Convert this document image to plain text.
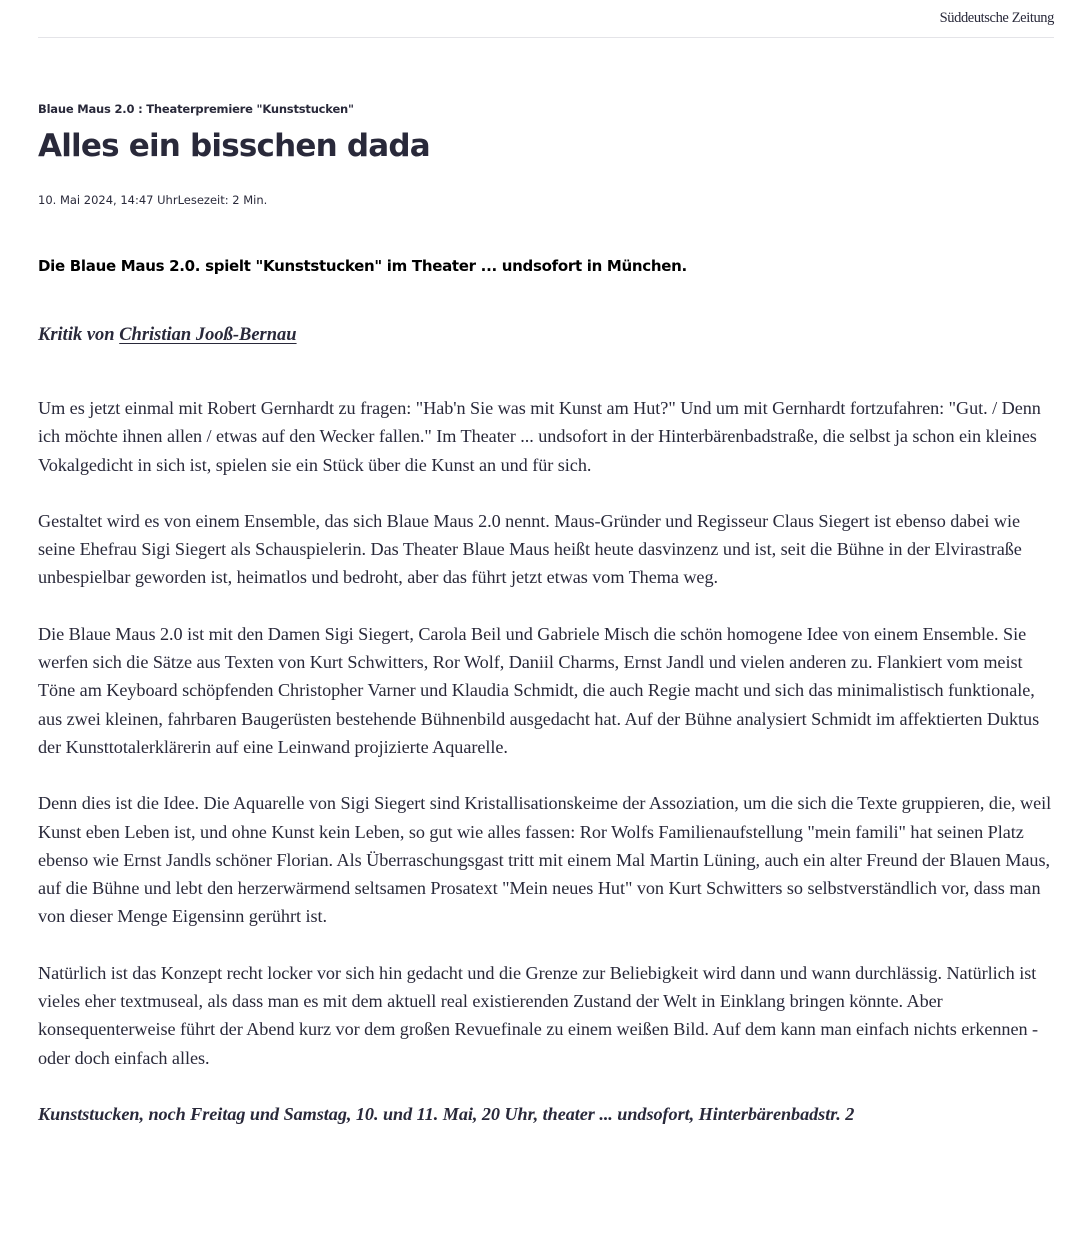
Süddeutsche Zeitung
Blaue Maus 2.0 : Theaterpremiere "Kunststucken"
Alles ein bisschen dada
10. Mai 2024, 14:47 UhrLesezeit: 2 Min.
Die Blaue Maus 2.0. spielt "Kunststucken" im Theater ... undsofort in München.
Kritik von Christian Jooß-Bernau

Um es jetzt einmal mit Robert Gernhardt zu fragen: "Hab'n Sie was mit Kunst am Hut?" Und um mit Gernhardt fortzufahren: "Gut. / Denn ich möchte ihnen allen / etwas auf den Wecker fallen." Im Theater ... undsofort in der Hinterbärenbadstraße, die selbst ja schon ein kleines Vokalgedicht in sich ist, spielen sie ein Stück über die Kunst an und für sich.

Gestaltet wird es von einem Ensemble, das sich Blaue Maus 2.0 nennt. Maus-Gründer und Regisseur Claus Siegert ist ebenso dabei wie seine Ehefrau Sigi Siegert als Schauspielerin. Das Theater Blaue Maus heißt heute dasvinzenz und ist, seit die Bühne in der Elvirastraße unbespielbar geworden ist, heimatlos und bedroht, aber das führt jetzt etwas vom Thema weg.

Die Blaue Maus 2.0 ist mit den Damen Sigi Siegert, Carola Beil und Gabriele Misch die schön homogene Idee von einem Ensemble. Sie werfen sich die Sätze aus Texten von Kurt Schwitters, Ror Wolf, Daniil Charms, Ernst Jandl und vielen anderen zu. Flankiert vom meist Töne am Keyboard schöpfenden Christopher Varner und Klaudia Schmidt, die auch Regie macht und sich das minimalistisch funktionale, aus zwei kleinen, fahrbaren Baugerüsten bestehende Bühnenbild ausgedacht hat. Auf der Bühne analysiert Schmidt im affektierten Duktus der Kunsttotalerklärerin auf eine Leinwand projizierte Aquarelle.

Denn dies ist die Idee. Die Aquarelle von Sigi Siegert sind Kristallisationskeime der Assoziation, um die sich die Texte gruppieren, die, weil Kunst eben Leben ist, und ohne Kunst kein Leben, so gut wie alles fassen: Ror Wolfs Familienaufstellung "mein famili" hat seinen Platz ebenso wie Ernst Jandls schöner Florian. Als Überraschungsgast tritt mit einem Mal Martin Lüning, auch ein alter Freund der Blauen Maus, auf die Bühne und lebt den herzerwärmend seltsamen Prosatext "Mein neues Hut" von Kurt Schwitters so selbstverständlich vor, dass man von dieser Menge Eigensinn gerührt ist.

Natürlich ist das Konzept recht locker vor sich hin gedacht und die Grenze zur Beliebigkeit wird dann und wann durchlässig. Natürlich ist vieles eher textmuseal, als dass man es mit dem aktuell real existierenden Zustand der Welt in Einklang bringen könnte. Aber konsequenterweise führt der Abend kurz vor dem großen Revuefinale zu einem weißen Bild. Auf dem kann man einfach nichts erkennen - oder doch einfach alles.

Kunststucken, noch Freitag und Samstag, 10. und 11. Mai, 20 Uhr, theater ... undsofort, Hinterbärenbadstr. 2
